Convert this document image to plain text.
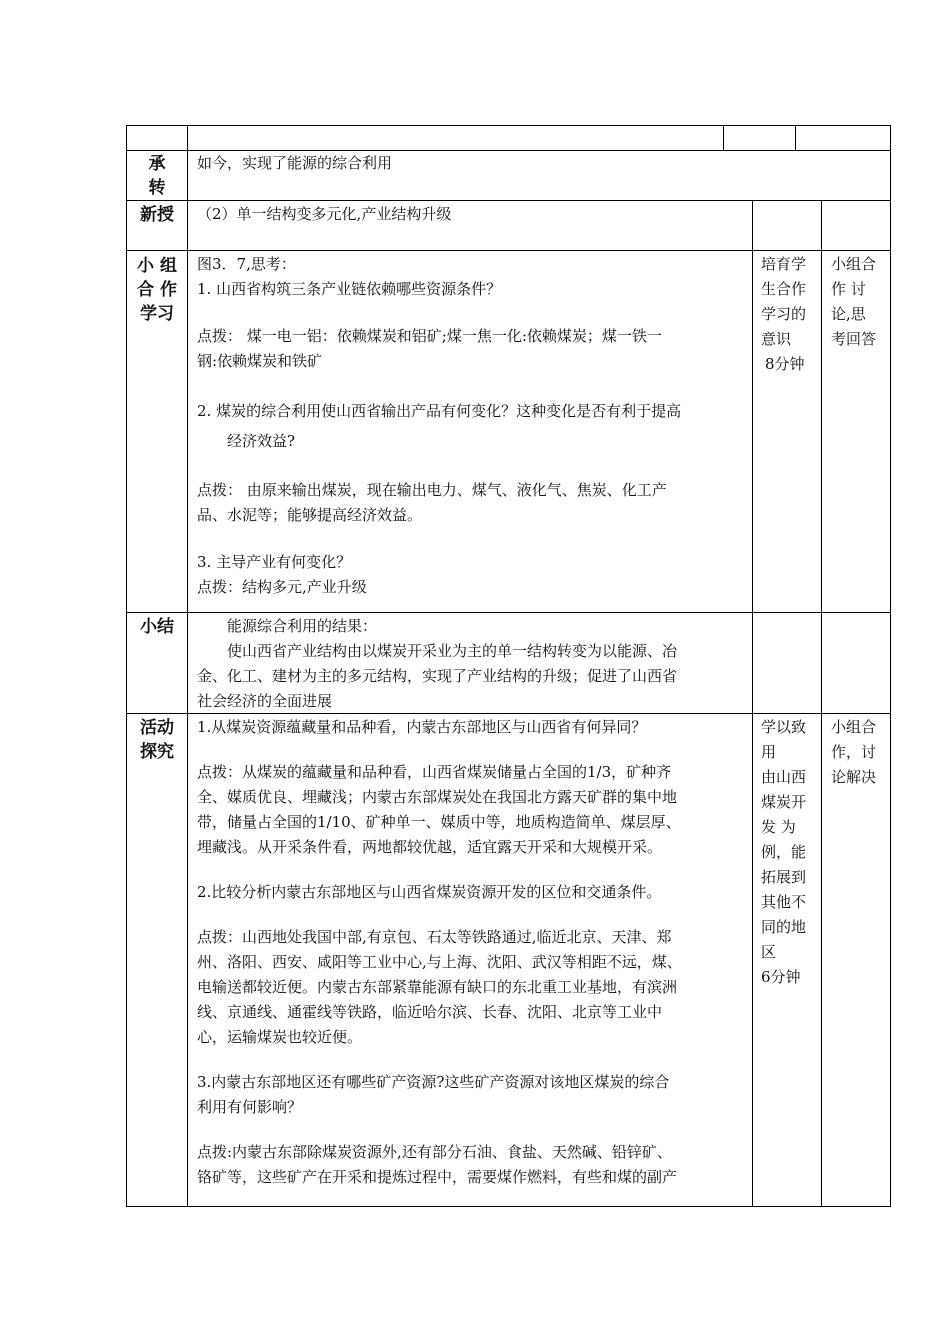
承
转

如今，实现了能源的综合利用

新授	（2）单一结构变多元化,产业结构升级

小 组
合 作
学习

图3．7,思考：

1. 山西省构筑三条产业链依赖哪些资源条件？

点拨： 煤一电一铝：依赖煤炭和铝矿;煤一焦一化:依赖煤炭；煤一铁一

钢:依赖煤炭和铁矿

2. 煤炭的综合利用使山西省输出产品有何变化？这种变化是否有利于提高

经济效益?

点拨： 由原来输出煤炭，现在输出电力、煤气、液化气、焦炭、化工产

品、水泥等；能够提高经济效益。

3. 主导产业有何变化？

点拨：结构多元,产业升级

培育学

生合作

学习的

意识

8分钟

小组合

作 讨

论,思

考回答

小结	能源综合利用的结果：

使山西省产业结构由以煤炭开采业为主的单一结构转变为以能源、冶

金、化工、建材为主的多元结构，实现了产业结构的升级；促进了山西省

社会经济的全面进展

活动
探究

1.从煤炭资源蕴藏量和品种看，内蒙古东部地区与山西省有何异同？

点拨：从煤炭的蕴藏量和品种看，山西省煤炭储量占全国的1/3，矿种齐

全、媒质优良、埋藏浅；内蒙古东部煤炭处在我国北方露天矿群的集中地

带，储量占全国的1/10、矿种单一、媒质中等，地质构造简单、煤层厚、

埋藏浅。从开采条件看，两地都较优越，适宜露天开采和大规模开采。

2.比较分析内蒙古东部地区与山西省煤炭资源开发的区位和交通条件。

点拨：山西地处我国中部,有京包、石太等铁路通过,临近北京、天津、郑

州、洛阳、西安、咸阳等工业中心,与上海、沈阳、武汉等相距不远，煤、

电输送都较近便。内蒙古东部紧靠能源有缺口的东北重工业基地，有滨洲

线、京通线、通霍线等铁路，临近哈尔滨、长春、沈阳、北京等工业中

心，运输煤炭也较近便。

3.内蒙古东部地区还有哪些矿产资源?这些矿产资源对该地区煤炭的综合

利用有何影响？

点拨:内蒙古东部除煤炭资源外,还有部分石油、食盐、天然碱、铅锌矿、

铬矿等，这些矿产在开采和提炼过程中，需要煤作燃料，有些和煤的副产

学以致

用

由山西

煤炭开

发 为

例，能

拓展到

其他不

同的地

区

6分钟

小组合

作，讨

论解决
